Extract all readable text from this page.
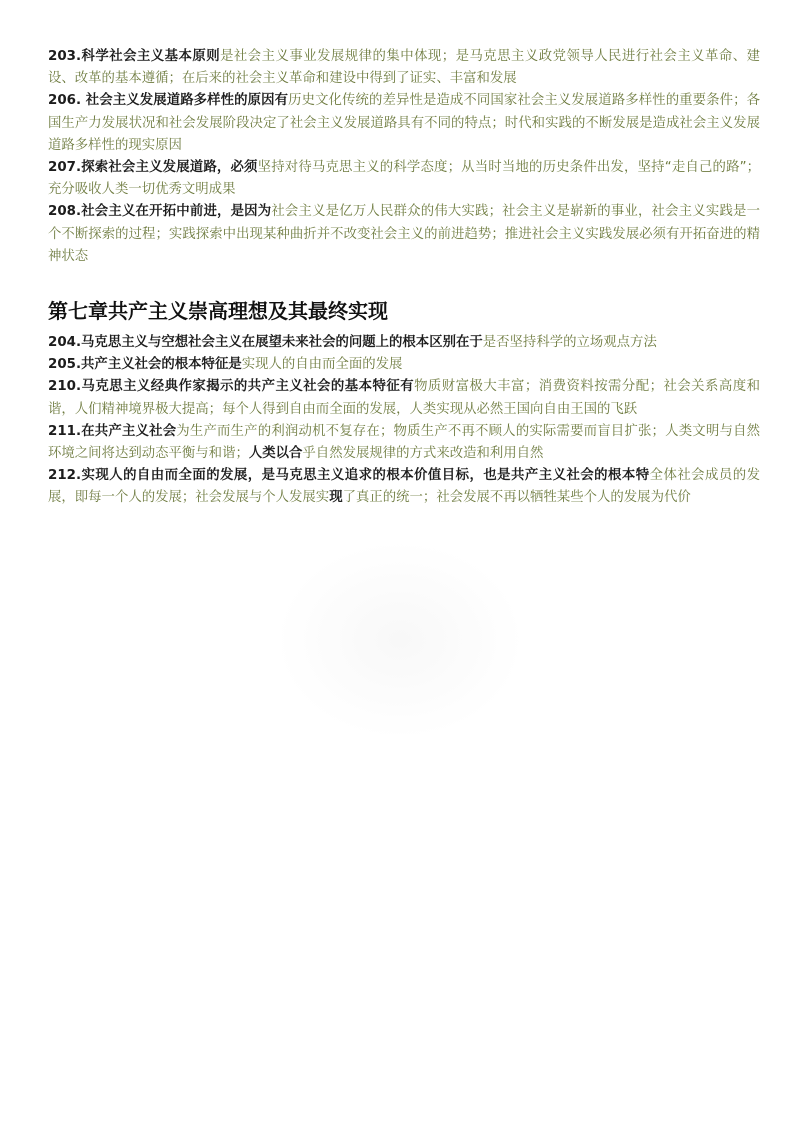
203.科学社会主义基本原则是社会主义事业发展规律的集中体现；是马克思主义政党领导人民进行社会主义革命、建设、改革的基本遵循；在后来的社会主义革命和建设中得到了证实、丰富和发展

206. 社会主义发展道路多样性的原因有历史文化传统的差异性是造成不同国家社会主义发展道路多样性的重要条件；各国生产力发展状况和社会发展阶段决定了社会主义发展道路具有不同的特点；时代和实践的不断发展是造成社会主义发展道路多样性的现实原因

207.探索社会主义发展道路，必须坚持对待马克思主义的科学态度；从当时当地的历史条件出发，坚持“走自己的路”；充分吸收人类一切优秀文明成果

208.社会主义在开拓中前进，是因为社会主义是亿万人民群众的伟大实践；社会主义是崭新的事业，社会主义实践是一个不断探索的过程；实践探索中出现某种曲折并不改变社会主义的前进趋势；推进社会主义实践发展必须有开拓奋进的精神状态

第七章共产主义崇高理想及其最终实现

204.马克思主义与空想社会主义在展望未来社会的问题上的根本区别在于是否坚持科学的立场观点方法

205.共产主义社会的根本特征是实现人的自由而全面的发展

210.马克思主义经典作家揭示的共产主义社会的基本特征有物质财富极大丰富；消费资料按需分配；社会关系高度和谐，人们精神境界极大提高；每个人得到自由而全面的发展，人类实现从必然王国向自由王国的飞跃

211.在共产主义社会为生产而生产的利润动机不复存在；物质生产不再不顾人的实际需要而盲目扩张；人类文明与自然环境之间将达到动态平衡与和谐；人类以合乎自然发展规律的方式来改造和利用自然

212.实现人的自由而全面的发展，是马克思主义追求的根本价值目标，也是共产主义社会的根本特全体社会成员的发展，即每一个人的发展；社会发展与个人发展实现了真正的统一；社会发展不再以牺牲某些个人的发展为代价
